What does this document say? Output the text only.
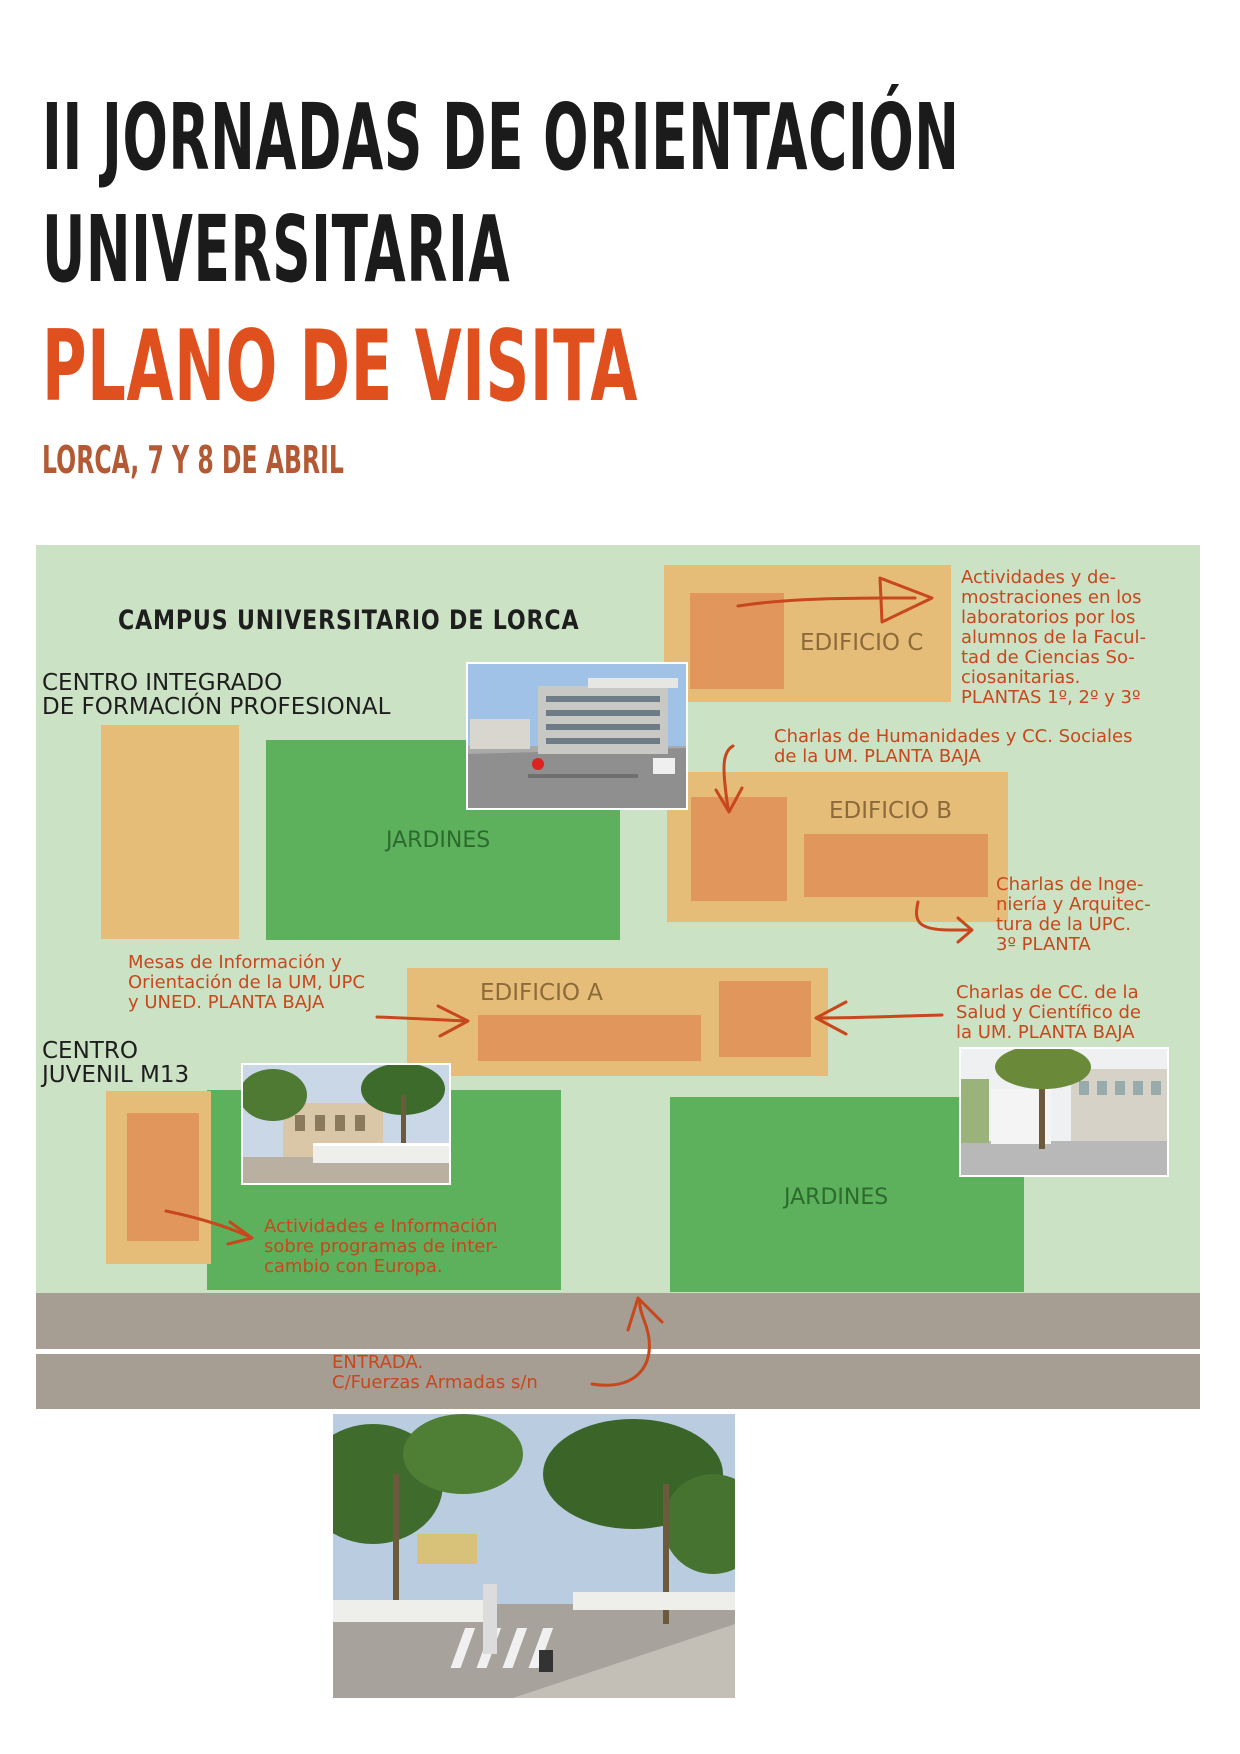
II JORNADAS DE ORIENTACIÓN
UNIVERSITARIA
PLANO DE VISITA
LORCA, 7 Y 8 DE ABRIL
JARDINES
JARDINES
EDIFICIO C
EDIFICIO B
EDIFICIO A
CAMPUS UNIVERSITARIO DE LORCA
CENTRO INTEGRADO
DE FORMACIÓN PROFESIONAL
CENTRO
JUVENIL M13
Actividades y de-
mostraciones en los
laboratorios por los
alumnos de la Facul-
tad de Ciencias So-
ciosanitarias.
PLANTAS 1º, 2º y 3º
Charlas de Humanidades y CC. Sociales
de la UM. PLANTA BAJA
Charlas de Inge-
niería y Arquitec-
tura de la UPC.
3º PLANTA
Mesas de Información y
Orientación de la UM, UPC
y UNED. PLANTA BAJA	Charlas de CC. de la
Salud y Científico de
la UM. PLANTA BAJA
Actividades e Información
sobre programas de inter-
cambio con Europa.
ENTRADA.
C/Fuerzas Armadas s/n
